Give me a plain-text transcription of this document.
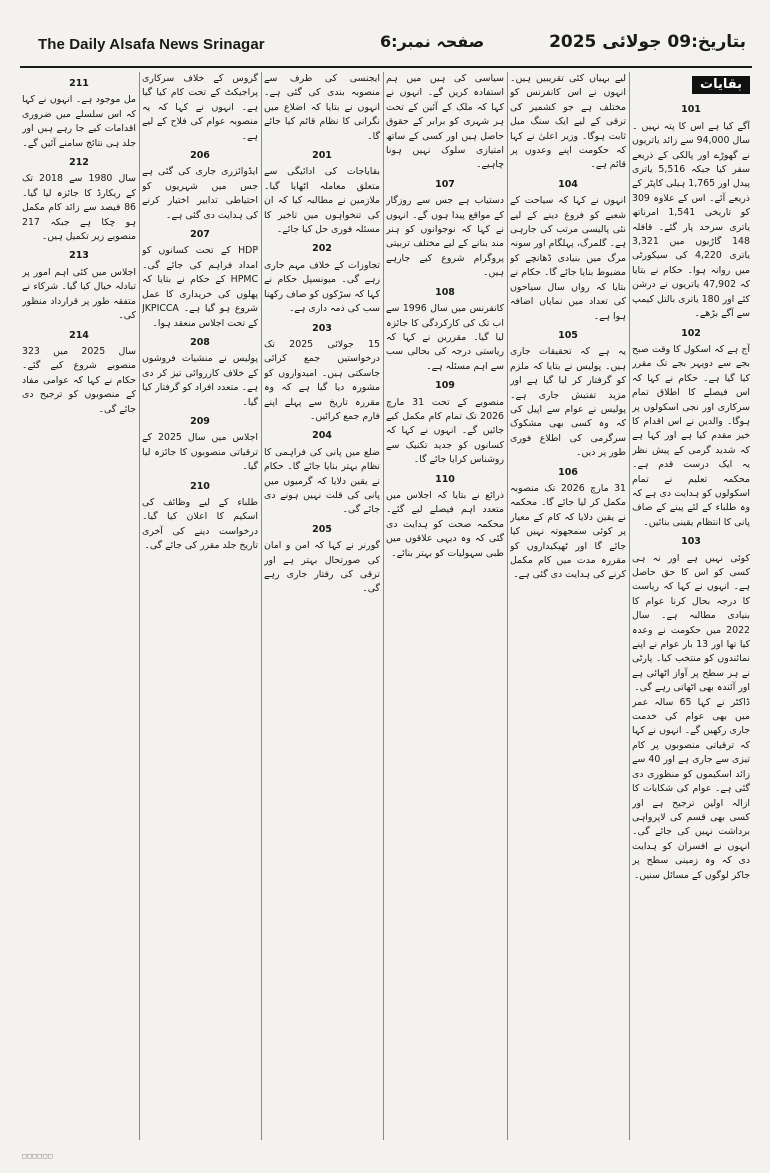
The Daily Alsafa News Srinagar	صفحہ نمبر:6	بتاریخ:09 جولائی 2025
بقایات
101

آگے کیا ہے اس کا پتہ نہیں ۔ سال 94,000 سے زائد یاتریوں نے گھوڑے اور پالکی کے ذریعے سفر کیا جبکہ 5,516 یاتری پیدل اور 1,765 ہیلی کاپٹر کے ذریعے آئے۔ اس کے علاوہ 309 کو تاریخی 1,541 امرناتھ یاتری سرحد پار گئے۔ قافلہ 148 گاڑیوں میں 3,321 یاتری 4,220 کی سیکورٹی میں روانہ ہوا۔ حکام نے بتایا کہ 47,902 یاتریوں نے درشن کئے اور 180 یاتری بالتل کیمپ سے آگے بڑھے۔

102

آج ہے کہ اسکول کا وقت صبح بجے سے دوپہر بجے تک مقرر کیا گیا ہے۔ حکام نے کہا کہ اس فیصلے کا اطلاق تمام سرکاری اور نجی اسکولوں پر ہوگا۔ والدین نے اس اقدام کا خیر مقدم کیا ہے اور کہا ہے کہ شدید گرمی کے پیش نظر یہ ایک درست قدم ہے۔ محکمہ تعلیم نے تمام اسکولوں کو ہدایت دی ہے کہ وہ طلباء کے لئے پینے کے صاف پانی کا انتظام یقینی بنائیں۔

103

کوئی نہیں ہے اور نہ ہی کسی کو اس کا حق حاصل ہے۔ انہوں نے کہا کہ ریاست کا درجہ بحال کرنا عوام کا بنیادی مطالبہ ہے۔ سال 2022 میں حکومت نے وعدہ کیا تھا اور 13 بار عوام نے اپنے نمائندوں کو منتخب کیا۔ پارٹی نے ہر سطح پر آواز اٹھائی ہے اور آئندہ بھی اٹھاتی رہے گی۔

ڈاکٹر نے کہا 65 سالہ عمر میں بھی عوام کی خدمت جاری رکھیں گے۔ انہوں نے کہا کہ ترقیاتی منصوبوں پر کام تیزی سے جاری ہے اور 40 سے زائد اسکیموں کو منظوری دی گئی ہے۔ عوام کی شکایات کا ازالہ اولین ترجیح ہے اور کسی بھی قسم کی لاپرواہی برداشت نہیں کی جائے گی۔ انہوں نے افسران کو ہدایت دی کہ وہ زمینی سطح پر جاکر لوگوں کے مسائل سنیں۔

لیے بہیاں کئی تقریبیں ہیں۔ انہوں نے اس کانفرنس کو مختلف ہے جو کشمیر کی ترقی کے لیے ایک سنگ میل ثابت ہوگا۔ وزیر اعلیٰ نے کہا کہ حکومت اپنے وعدوں پر قائم ہے۔

104

انہوں نے کہا کہ سیاحت کے شعبے کو فروغ دینے کے لیے نئی پالیسی مرتب کی جارہی ہے۔ گلمرگ، پہلگام اور سونہ مرگ میں بنیادی ڈھانچے کو مضبوط بنایا جائے گا۔ حکام نے بتایا کہ رواں سال سیاحوں کی تعداد میں نمایاں اضافہ ہوا ہے۔

105

یہ ہے کہ تحقیقات جاری ہیں۔ پولیس نے بتایا کہ ملزم کو گرفتار کر لیا گیا ہے اور مزید تفتیش جاری ہے۔ پولیس نے عوام سے اپیل کی کہ وہ کسی بھی مشکوک سرگرمی کی اطلاع فوری طور پر دیں۔

106

31 مارچ 2026 تک منصوبہ مکمل کر لیا جائے گا۔ محکمہ نے یقین دلایا کہ کام کے معیار پر کوئی سمجھوتہ نہیں کیا جائے گا اور ٹھیکیداروں کو مقررہ مدت میں کام مکمل کرنے کی ہدایت دی گئی ہے۔

سیاسی کی ہیں میں ہم استفادہ کریں گے۔ انہوں نے کہا کہ ملک کے آئین کے تحت ہر شہری کو برابر کے حقوق حاصل ہیں اور کسی کے ساتھ امتیازی سلوک نہیں ہونا چاہیے۔

107

دستیاب ہے جس سے روزگار کے مواقع پیدا ہوں گے۔ انہوں نے کہا کہ نوجوانوں کو ہنر مند بنانے کے لیے مختلف تربیتی پروگرام شروع کیے جارہے ہیں۔

108

کانفرنس میں سال 1996 سے اب تک کی کارکردگی کا جائزہ لیا گیا۔ مقررین نے کہا کہ ریاستی درجہ کی بحالی سب سے اہم مسئلہ ہے۔

109

منصوبے کے تحت 31 مارچ 2026 تک تمام کام مکمل کیے جائیں گے۔ انہوں نے کہا کہ کسانوں کو جدید تکنیک سے روشناس کرایا جائے گا۔

110

ذرائع نے بتایا کہ اجلاس میں متعدد اہم فیصلے لیے گئے۔ محکمہ صحت کو ہدایت دی گئی کہ وہ دیہی علاقوں میں طبی سہولیات کو بہتر بنائے۔

ایجنسی کی طرف سے منصوبہ بندی کی گئی ہے۔ انہوں نے بتایا کہ اضلاع میں نگرانی کا نظام قائم کیا جائے گا۔

201

بقایاجات کی ادائیگی سے متعلق معاملہ اٹھایا گیا۔ ملازمین نے مطالبہ کیا کہ ان کی تنخواہوں میں تاخیر کا مسئلہ فوری حل کیا جائے۔

202

تجاوزات کے خلاف مہم جاری رہے گی۔ میونسپل حکام نے کہا کہ سڑکوں کو صاف رکھنا سب کی ذمہ داری ہے۔

203

15 جولائی 2025 تک درخواستیں جمع کرائی جاسکتی ہیں۔ امیدواروں کو مشورہ دیا گیا ہے کہ وہ مقررہ تاریخ سے پہلے اپنے فارم جمع کرائیں۔

204

ضلع میں پانی کی فراہمی کا نظام بہتر بنایا جائے گا۔ حکام نے یقین دلایا کہ گرمیوں میں پانی کی قلت نہیں ہونے دی جائے گی۔

205

گورنر نے کہا کہ امن و امان کی صورتحال بہتر ہے اور ترقی کی رفتار جاری رہے گی۔

گروس کے خلاف سرکاری پراجیکٹ کے تحت کام کیا گیا ہے۔ انہوں نے کہا کہ یہ منصوبہ عوام کی فلاح کے لیے ہے۔

206

ایڈوائزری جاری کی گئی ہے جس میں شہریوں کو احتیاطی تدابیر اختیار کرنے کی ہدایت دی گئی ہے۔

207

HDP کے تحت کسانوں کو امداد فراہم کی جائے گی۔ HPMC کے حکام نے بتایا کہ پھلوں کی خریداری کا عمل شروع ہو گیا ہے۔ JKPICCA کے تحت اجلاس منعقد ہوا۔

208

پولیس نے منشیات فروشوں کے خلاف کارروائی تیز کر دی ہے۔ متعدد افراد کو گرفتار کیا گیا۔

209

اجلاس میں سال 2025 کے ترقیاتی منصوبوں کا جائزہ لیا گیا۔

210

طلباء کے لیے وظائف کی اسکیم کا اعلان کیا گیا۔ درخواست دینے کی آخری تاریخ جلد مقرر کی جائے گی۔

211

مل موجود ہے۔ انہوں نے کہا کہ اس سلسلے میں ضروری اقدامات کیے جا رہے ہیں اور جلد ہی نتائج سامنے آئیں گے۔

212

سال 1980 سے 2018 تک کے ریکارڈ کا جائزہ لیا گیا۔ 86 فیصد سے زائد کام مکمل ہو چکا ہے جبکہ 217 منصوبے زیر تکمیل ہیں۔

213

اجلاس میں کئی اہم امور پر تبادلہ خیال کیا گیا۔ شرکاء نے متفقہ طور پر قرارداد منظور کی۔

214

سال 2025 میں 323 منصوبے شروع کیے گئے۔ حکام نے کہا کہ عوامی مفاد کے منصوبوں کو ترجیح دی جائے گی۔

□□□□□□
